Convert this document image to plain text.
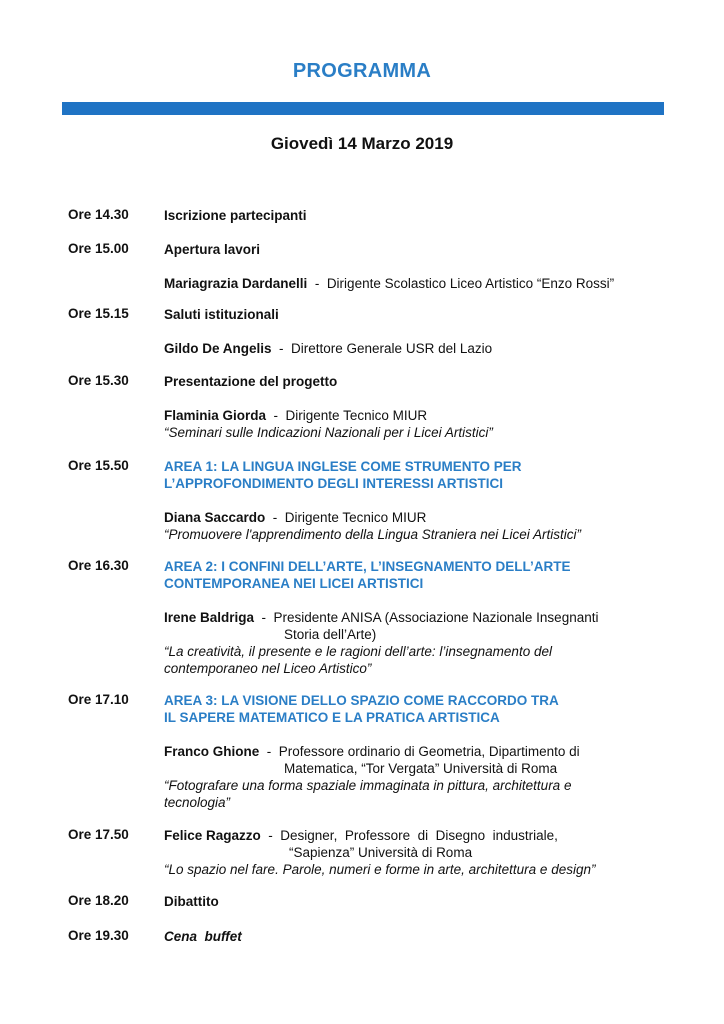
PROGRAMMA
Giovedì 14 Marzo 2019
Ore 14.30	Iscrizione partecipanti
Ore 15.00	Apertura lavori
Mariagrazia Dardanelli  -  Dirigente Scolastico Liceo Artistico “Enzo Rossi”
Ore 15.15	Saluti istituzionali
Gildo De Angelis  -  Direttore Generale USR del Lazio
Ore 15.30	Presentazione del progetto
Flaminia Giorda  -  Dirigente Tecnico MIUR
“Seminari sulle Indicazioni Nazionali per i Licei Artistici”
Ore 15.50	AREA 1: LA LINGUA INGLESE COME STRUMENTO PER
L’APPROFONDIMENTO DEGLI INTERESSI ARTISTICI
Diana Saccardo  -  Dirigente Tecnico MIUR
“Promuovere l'apprendimento della Lingua Straniera nei Licei Artistici”
Ore 16.30	AREA 2: I CONFINI DELL’ARTE, L’INSEGNAMENTO DELL’ARTE
CONTEMPORANEA NEI LICEI ARTISTICI
Irene Baldriga  -  Presidente ANISA (Associazione Nazionale Insegnanti
Storia dell’Arte)
“La creatività, il presente e le ragioni dell’arte: l’insegnamento del
contemporaneo nel Liceo Artistico”
Ore 17.10	AREA 3: LA VISIONE DELLO SPAZIO COME RACCORDO TRA
IL SAPERE MATEMATICO E LA PRATICA ARTISTICA
Franco Ghione  -  Professore ordinario di Geometria, Dipartimento di
Matematica, “Tor Vergata” Università di Roma
“Fotografare una forma spaziale immaginata in pittura, architettura e
tecnologia”
Ore 17.50	Felice Ragazzo  -  Designer,  Professore  di  Disegno  industriale,
“Sapienza” Università di Roma
“Lo spazio nel fare. Parole, numeri e forme in arte, architettura e design”
Ore 18.20	Dibattito
Ore 19.30	Cena  buffet
